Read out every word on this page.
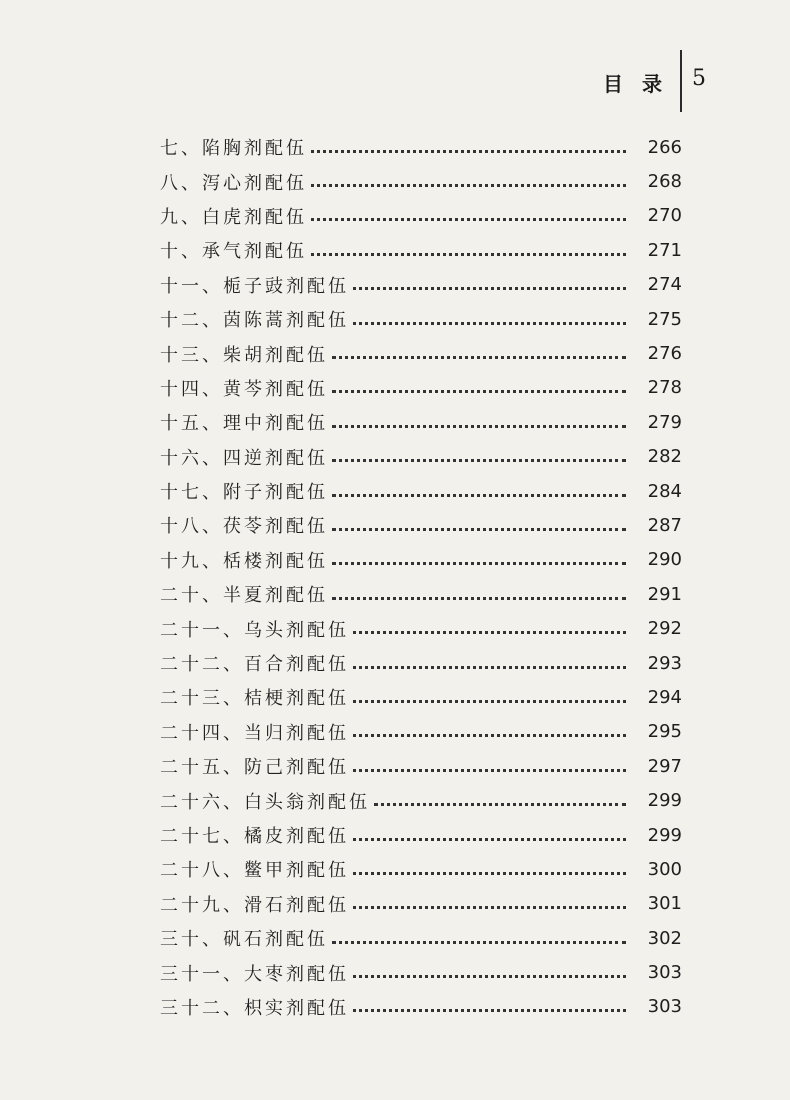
目 录 5
七、陷胸剂配伍	266
八、泻心剂配伍	268
九、白虎剂配伍	270
十、承气剂配伍	271
十一、栀子豉剂配伍	274
十二、茵陈蒿剂配伍	275
十三、柴胡剂配伍	276
十四、黄芩剂配伍	278
十五、理中剂配伍	279
十六、四逆剂配伍	282
十七、附子剂配伍	284
十八、茯苓剂配伍	287
十九、栝楼剂配伍	290
二十、半夏剂配伍	291
二十一、乌头剂配伍	292
二十二、百合剂配伍	293
二十三、桔梗剂配伍	294
二十四、当归剂配伍	295
二十五、防己剂配伍	297
二十六、白头翁剂配伍	299
二十七、橘皮剂配伍	299
二十八、鳖甲剂配伍	300
二十九、滑石剂配伍	301
三十、矾石剂配伍	302
三十一、大枣剂配伍	303
三十二、枳实剂配伍	303
